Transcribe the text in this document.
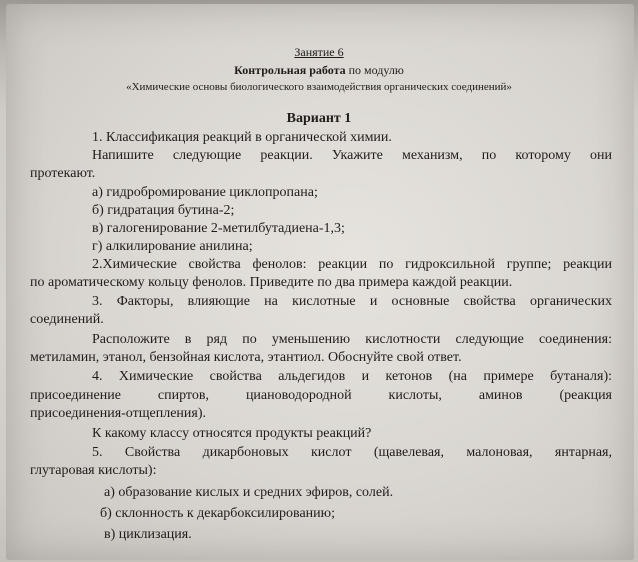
Занятие 6
Контрольная работа по модулю
«Химические основы биологического взаимодействия органических соединений»
Вариант 1
1. Классификация реакций в органической химии.
Напишите следующие реакции. Укажите механизм, по которому они
протекают.
а) гидробромирование циклопропана;
б) гидратация бутина-2;
в) галогенирование 2-метилбутадиена-1,3;
г) алкилирование анилина;
2.Химические свойства фенолов: реакции по гидроксильной группе; реакции
по ароматическому кольцу фенолов. Приведите по два примера каждой реакции.
3. Факторы, влияющие на кислотные и основные свойства органических
соединений.
Расположите в ряд по уменьшению кислотности следующие соединения:
метиламин, этанол, бензойная кислота, этантиол. Обоснуйте свой ответ.
4. Химические свойства альдегидов и кетонов (на примере бутаналя):
присоединение спиртов, циановодородной кислоты, аминов (реакция
присоединения-отщепления).
К какому классу относятся продукты реакций?
5. Свойства дикарбоновых кислот (щавелевая, малоновая, янтарная,
глутаровая кислоты):
а) образование кислых и средних эфиров, солей.
б) склонность к декарбоксилированию;
в) циклизация.
